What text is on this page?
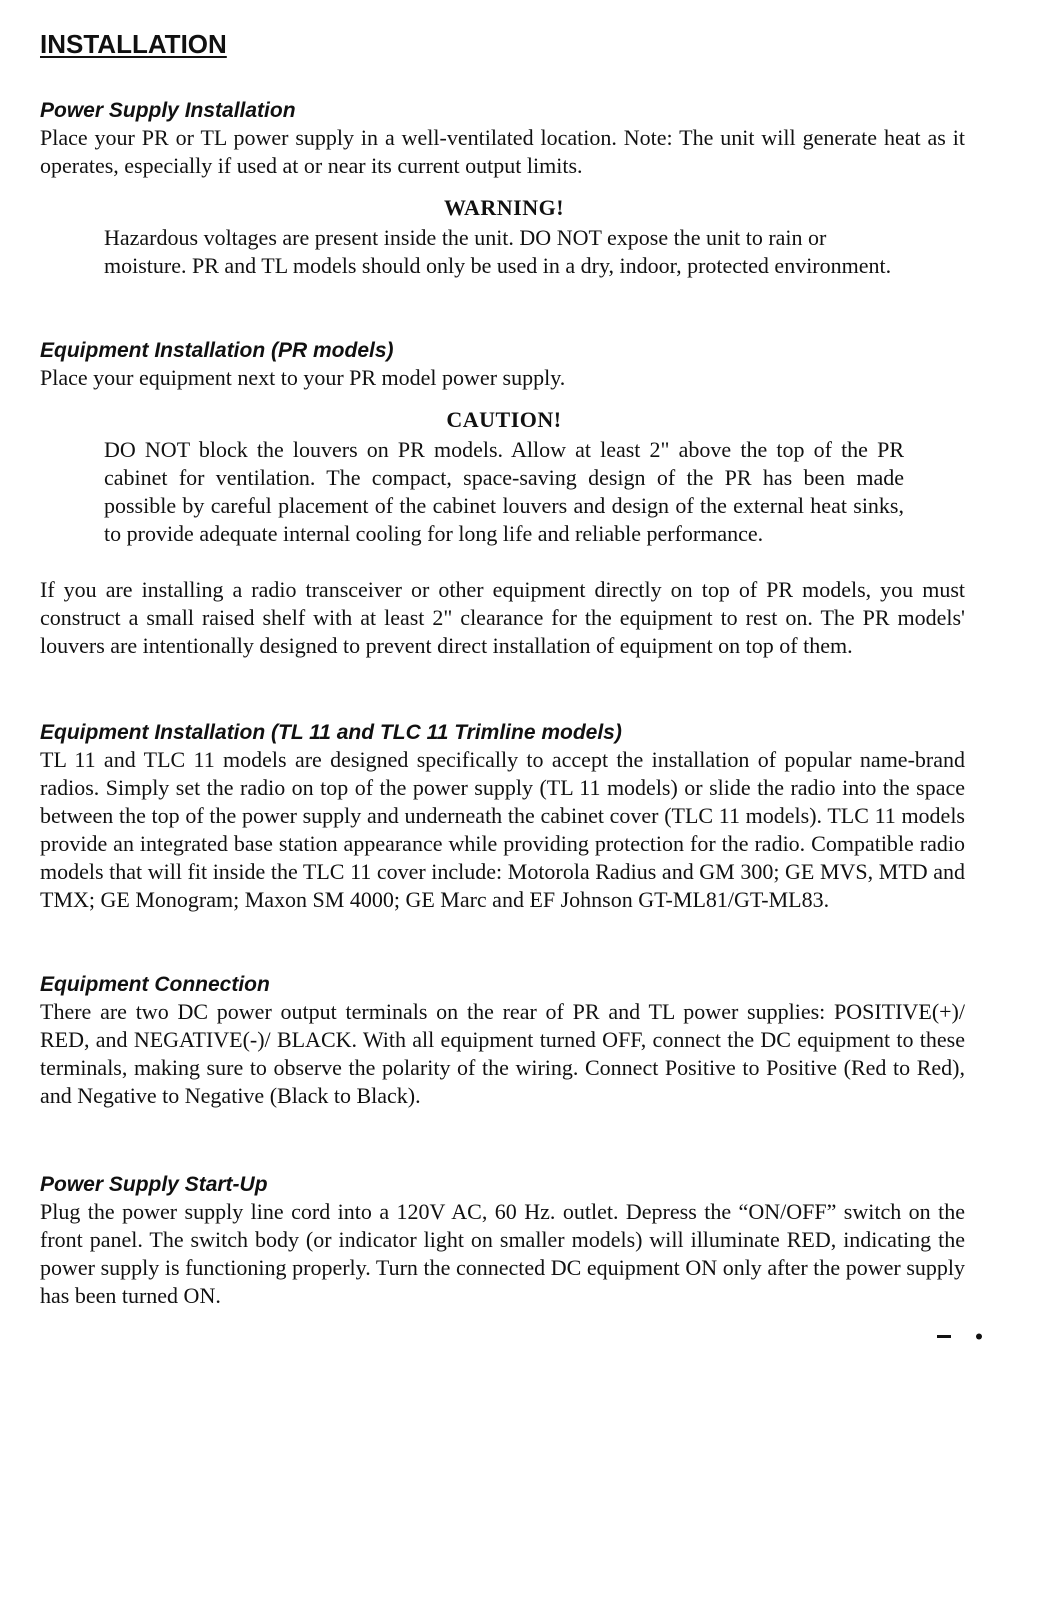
INSTALLATION
Power Supply Installation

Place your PR or TL power supply in a well-ventilated location. Note: The unit will generate heat as it operates, especially if used at or near its current output limits.

WARNING!

Hazardous voltages are present inside the unit. DO NOT expose the unit to rain or moisture. PR and TL models should only be used in a dry, indoor, protected environment.

Equipment Installation (PR models)

Place your equipment next to your PR model power supply.

CAUTION!

DO NOT block the louvers on PR models. Allow at least 2" above the top of the PR cabinet for ventilation. The compact, space-saving design of the PR has been made possible by careful placement of the cabinet louvers and design of the external heat sinks, to provide adequate internal cooling for long life and reliable performance.

If you are installing a radio transceiver or other equipment directly on top of PR models, you must construct a small raised shelf with at least 2" clearance for the equipment to rest on. The PR models' louvers are intentionally designed to prevent direct installation of equipment on top of them.

Equipment Installation (TL 11 and TLC 11 Trimline models)

TL 11 and TLC 11 models are designed specifically to accept the installation of popular name-brand radios. Simply set the radio on top of the power supply (TL 11 models) or slide the radio into the space between the top of the power supply and underneath the cabinet cover (TLC 11 models). TLC 11 models provide an integrated base station appearance while providing protection for the radio. Compatible radio models that will fit inside the TLC 11 cover include: Motorola Radius and GM 300; GE MVS, MTD and TMX; GE Monogram; Maxon SM 4000; GE Marc and EF Johnson GT-ML81/GT-ML83.

Equipment Connection

There are two DC power output terminals on the rear of PR and TL power supplies: POSITIVE(+)/ RED, and NEGATIVE(-)/ BLACK. With all equipment turned OFF, connect the DC equipment to these terminals, making sure to observe the polarity of the wiring. Connect Positive to Positive (Red to Red), and Negative to Negative (Black to Black).

Power Supply Start-Up

Plug the power supply line cord into a 120V AC, 60 Hz. outlet. Depress the “ON/OFF” switch on the front panel. The switch body (or indicator light on smaller models) will illuminate RED, indicating the power supply is functioning properly. Turn the connected DC equipment ON only after the power supply has been turned ON.
